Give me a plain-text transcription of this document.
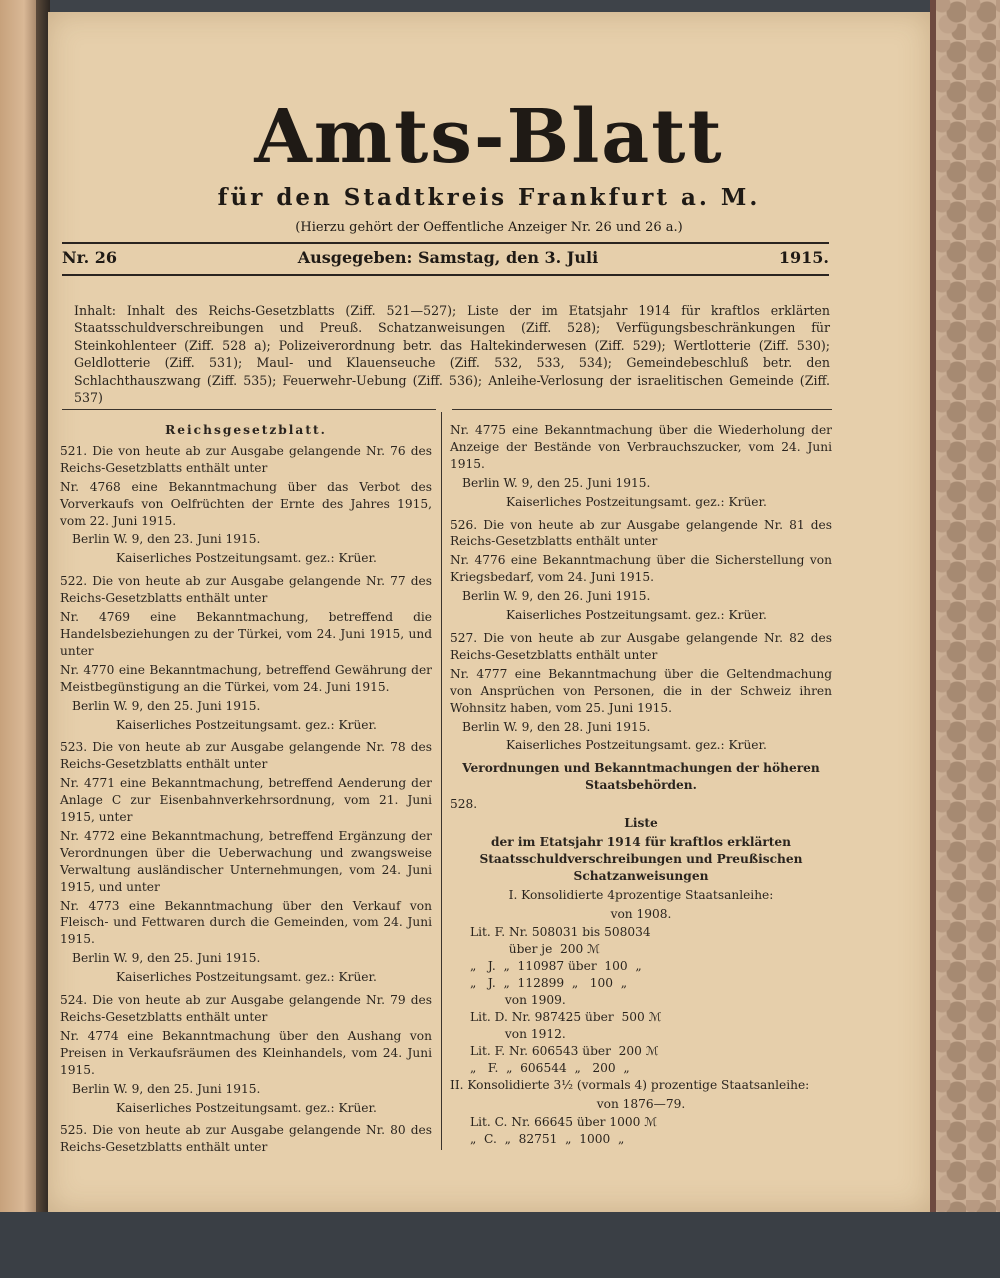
Amts-Blatt
für den Stadtkreis Frankfurt a. M.
(Hierzu gehört der Oeffentliche Anzeiger Nr. 26 und 26 a.)
Nr. 26	Ausgegeben: Samstag, den 3. Juli	1915.
Inhalt: Inhalt des Reichs-Gesetzblatts (Ziff. 521—527); Liste der im Etatsjahr 1914 für kraftlos erklärten Staatsschuldverschreibungen und Preuß. Schatzanweisungen (Ziff. 528); Verfügungsbeschränkungen für Steinkohlenteer (Ziff. 528 a); Polizeiverordnung betr. das Haltekinderwesen (Ziff. 529); Wertlotterie (Ziff. 530); Geldlotterie (Ziff. 531); Maul- und Klauenseuche (Ziff. 532, 533, 534); Gemeindebeschluß betr. den Schlachthauszwang (Ziff. 535); Feuerwehr-Uebung (Ziff. 536); Anleihe-Verlosung der israelitischen Gemeinde (Ziff. 537)

Reichsgesetzblatt.

521. Die von heute ab zur Ausgabe gelangende Nr. 76 des Reichs-Gesetzblatts enthält unter

Nr. 4768 eine Bekanntmachung über das Verbot des Vorverkaufs von Oelfrüchten der Ernte des Jahres 1915, vom 22. Juni 1915.

Berlin W. 9, den 23. Juni 1915.

Kaiserliches Postzeitungsamt. gez.: Krüer.

522. Die von heute ab zur Ausgabe gelangende Nr. 77 des Reichs-Gesetzblatts enthält unter

Nr. 4769 eine Bekanntmachung, betreffend die Handelsbeziehungen zu der Türkei, vom 24. Juni 1915, und unter

Nr. 4770 eine Bekanntmachung, betreffend Gewährung der Meistbegünstigung an die Türkei, vom 24. Juni 1915.

Berlin W. 9, den 25. Juni 1915.

Kaiserliches Postzeitungsamt. gez.: Krüer.

523. Die von heute ab zur Ausgabe gelangende Nr. 78 des Reichs-Gesetzblatts enthält unter

Nr. 4771 eine Bekanntmachung, betreffend Aenderung der Anlage C zur Eisenbahnverkehrsordnung, vom 21. Juni 1915, unter

Nr. 4772 eine Bekanntmachung, betreffend Ergänzung der Verordnungen über die Ueberwachung und zwangsweise Verwaltung ausländischer Unternehmungen, vom 24. Juni 1915, und unter

Nr. 4773 eine Bekanntmachung über den Verkauf von Fleisch- und Fettwaren durch die Gemeinden, vom 24. Juni 1915.

Berlin W. 9, den 25. Juni 1915.

Kaiserliches Postzeitungsamt. gez.: Krüer.

524. Die von heute ab zur Ausgabe gelangende Nr. 79 des Reichs-Gesetzblatts enthält unter

Nr. 4774 eine Bekanntmachung über den Aushang von Preisen in Verkaufsräumen des Kleinhandels, vom 24. Juni 1915.

Berlin W. 9, den 25. Juni 1915.

Kaiserliches Postzeitungsamt. gez.: Krüer.

525. Die von heute ab zur Ausgabe gelangende Nr. 80 des Reichs-Gesetzblatts enthält unter

Nr. 4775 eine Bekanntmachung über die Wiederholung der Anzeige der Bestände von Verbrauchszucker, vom 24. Juni 1915.

Berlin W. 9, den 25. Juni 1915.

Kaiserliches Postzeitungsamt. gez.: Krüer.

526. Die von heute ab zur Ausgabe gelangende Nr. 81 des Reichs-Gesetzblatts enthält unter

Nr. 4776 eine Bekanntmachung über die Sicherstellung von Kriegsbedarf, vom 24. Juni 1915.

Berlin W. 9, den 26. Juni 1915.

Kaiserliches Postzeitungsamt. gez.: Krüer.

527. Die von heute ab zur Ausgabe gelangende Nr. 82 des Reichs-Gesetzblatts enthält unter

Nr. 4777 eine Bekanntmachung über die Geltendmachung von Ansprüchen von Personen, die in der Schweiz ihren Wohnsitz haben, vom 25. Juni 1915.

Berlin W. 9, den 28. Juni 1915.

Kaiserliches Postzeitungsamt. gez.: Krüer.

Verordnungen und Bekanntmachungen der höheren Staatsbehörden.

528.

Liste

der im Etatsjahr 1914 für kraftlos erklärten Staatsschuldverschreibungen und Preußischen Schatzanweisungen

I. Konsolidierte 4prozentige Staatsanleihe:

von 1908.

Lit. F. Nr. 508031 bis 508034
über je  200 ℳ
„   J.  „  110987 über  100  „
„   J.  „  112899  „   100  „
von 1909.
Lit. D. Nr. 987425 über  500 ℳ
von 1912.
Lit. F. Nr. 606543 über  200 ℳ
„   F.  „  606544  „   200  „

II. Konsolidierte 3½ (vormals 4) prozentige Staatsanleihe:

von 1876—79.

Lit. C. Nr. 66645 über 1000 ℳ
„  C.  „  82751  „  1000  „
